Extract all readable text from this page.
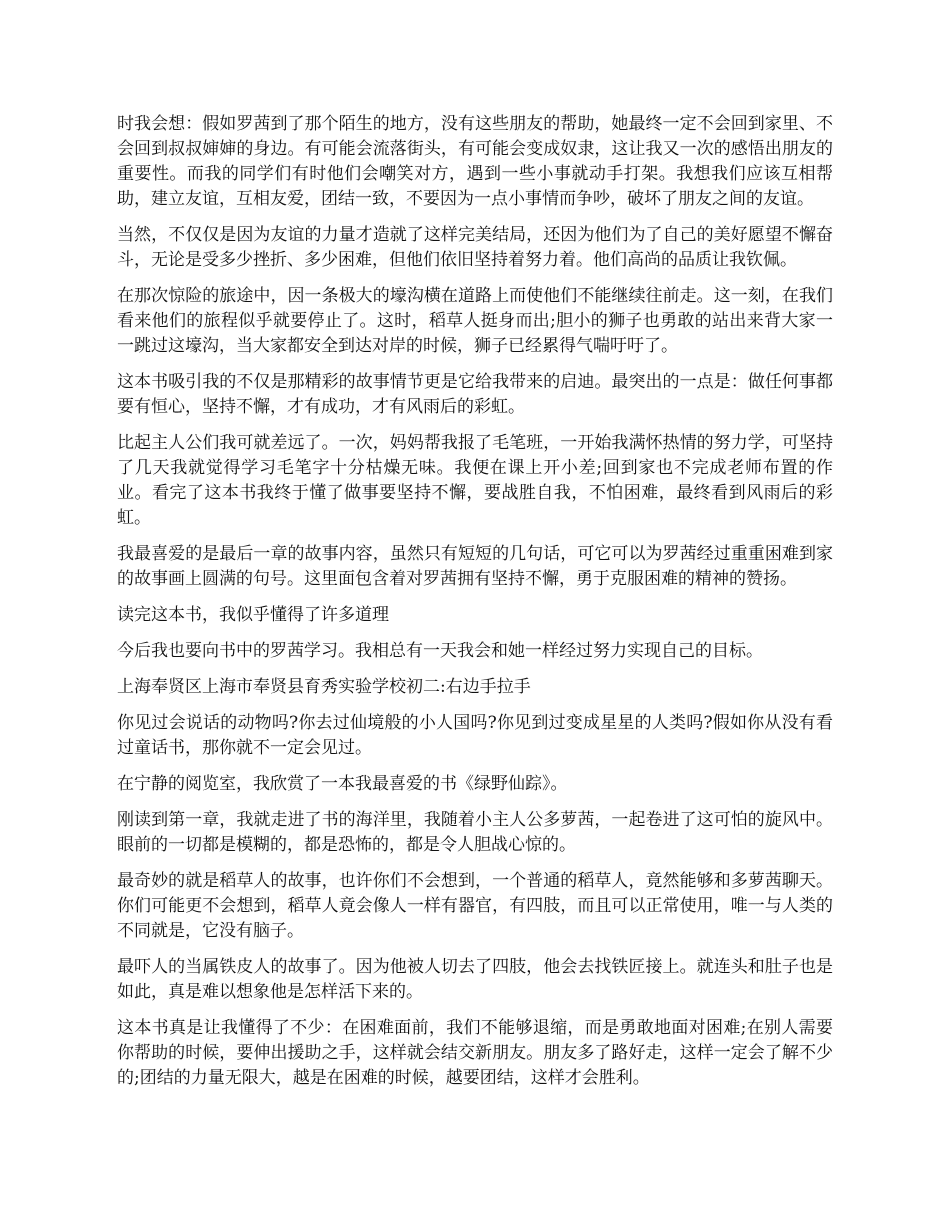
时我会想：假如罗茜到了那个陌生的地方，没有这些朋友的帮助，她最终一定不会回到家里、不会回到叔叔婶婶的身边。有可能会流落街头，有可能会变成奴隶，这让我又一次的感悟出朋友的重要性。而我的同学们有时他们会嘲笑对方，遇到一些小事就动手打架。我想我们应该互相帮助，建立友谊，互相友爱，团结一致，不要因为一点小事情而争吵，破坏了朋友之间的友谊。

当然，不仅仅是因为友谊的力量才造就了这样完美结局，还因为他们为了自己的美好愿望不懈奋斗，无论是受多少挫折、多少困难，但他们依旧坚持着努力着。他们高尚的品质让我钦佩。

在那次惊险的旅途中，因一条极大的壕沟横在道路上而使他们不能继续往前走。这一刻，在我们看来他们的旅程似乎就要停止了。这时，稻草人挺身而出;胆小的狮子也勇敢的站出来背大家一一跳过这壕沟，当大家都安全到达对岸的时候，狮子已经累得气喘吁吁了。

这本书吸引我的不仅是那精彩的故事情节更是它给我带来的启迪。最突出的一点是：做任何事都要有恒心，坚持不懈，才有成功，才有风雨后的彩虹。

比起主人公们我可就差远了。一次，妈妈帮我报了毛笔班，一开始我满怀热情的努力学，可坚持了几天我就觉得学习毛笔字十分枯燥无味。我便在课上开小差;回到家也不完成老师布置的作业。看完了这本书我终于懂了做事要坚持不懈，要战胜自我，不怕困难，最终看到风雨后的彩虹。

我最喜爱的是最后一章的故事内容，虽然只有短短的几句话，可它可以为罗茜经过重重困难到家的故事画上圆满的句号。这里面包含着对罗茜拥有坚持不懈，勇于克服困难的精神的赞扬。

读完这本书，我似乎懂得了许多道理

今后我也要向书中的罗茜学习。我相总有一天我会和她一样经过努力实现自己的目标。

上海奉贤区上海市奉贤县育秀实验学校初二:右边手拉手

你见过会说话的动物吗?你去过仙境般的小人国吗?你见到过变成星星的人类吗?假如你从没有看过童话书，那你就不一定会见过。

在宁静的阅览室，我欣赏了一本我最喜爱的书《绿野仙踪》。

刚读到第一章，我就走进了书的海洋里，我随着小主人公多萝茜，一起卷进了这可怕的旋风中。眼前的一切都是模糊的，都是恐怖的，都是令人胆战心惊的。

最奇妙的就是稻草人的故事，也许你们不会想到，一个普通的稻草人，竟然能够和多萝茜聊天。你们可能更不会想到，稻草人竟会像人一样有器官，有四肢，而且可以正常使用，唯一与人类的不同就是，它没有脑子。

最吓人的当属铁皮人的故事了。因为他被人切去了四肢，他会去找铁匠接上。就连头和肚子也是如此，真是难以想象他是怎样活下来的。

这本书真是让我懂得了不少：在困难面前，我们不能够退缩，而是勇敢地面对困难;在别人需要你帮助的时候，要伸出援助之手，这样就会结交新朋友。朋友多了路好走，这样一定会了解不少的;团结的力量无限大，越是在困难的时候，越要团结，这样才会胜利。
